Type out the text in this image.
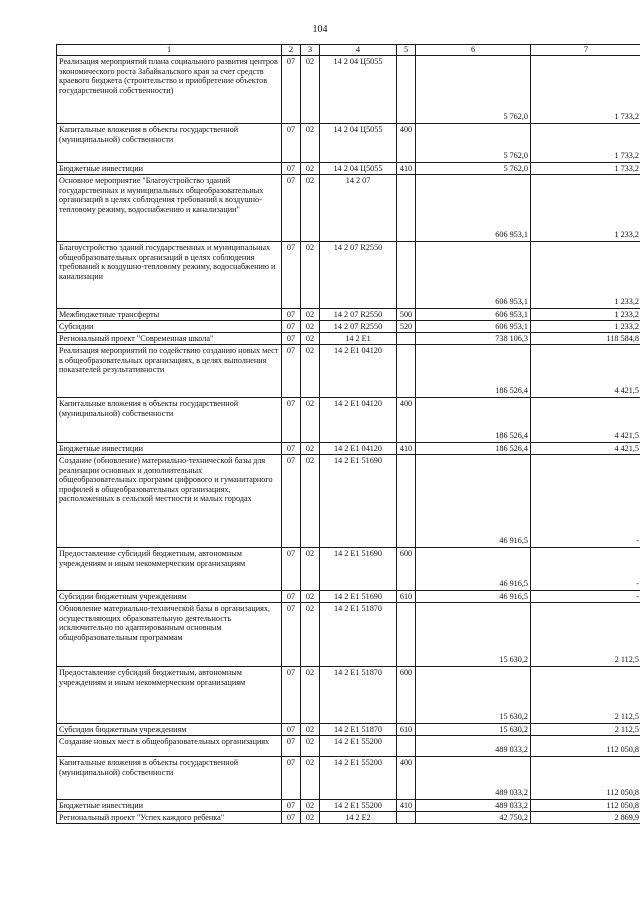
104
1	2	3	4	5	6	7

Реализация мероприятий плана социального развития центров экономического роста Забайкальского края за счет средств краевого бюджета (строительство и приобретение объектов государственной собственности)	07	02	14 2 04 Ц5055		5 762,0	1 733,2

Капитальные вложения в объекты государственной (муниципальной) собственности	07	02	14 2 04 Ц5055	400	5 762,0	1 733,2

Бюджетные инвестиции	07	02	14 2 04 Ц5055	410	5 762,0	1 733,2

Основное мероприятие "Благоустройство зданий государственных и муниципальных общеобразовательных организаций в целях соблюдения требований к воздушно-тепловому режиму, водоснабжению и канализации"	07	02	14 2 07		606 953,1	1 233,2

Благоустройство зданий государственных и муниципальных общеобразовательных организаций в целях соблюдения требований к воздушно-тепловому режиму, водоснабжению и канализации	07	02	14 2 07 R2550		606 953,1	1 233,2

Межбюджетные трансферты	07	02	14 2 07 R2550	500	606 953,1	1 233,2

Субсидии	07	02	14 2 07 R2550	520	606 953,1	1 233,2

Региональный проект "Современная школа"	07	02	14 2 E1		738 106,3	118 584,8

Реализация мероприятий по содействию созданию новых мест в общеобразовательных организациях, в целях выполнения показателей результативности	07	02	14 2 E1 04120		186 526,4	4 421,5

Капитальные вложения в объекты государственной (муниципальной) собственности	07	02	14 2 E1 04120	400	186 526,4	4 421,5

Бюджетные инвестиции	07	02	14 2 E1 04120	410	186 526,4	4 421,5

Создание (обновление) материально-технической базы для реализации основных и дополнительных общеобразовательных программ цифрового и гуманитарного профилей в общеобразовательных организациях, расположенных в сельской местности и малых городах	07	02	14 2 E1 51690		46 916,5	-

Предоставление субсидий бюджетным, автономным учреждениям и иным некоммерческим организациям	07	02	14 2 E1 51690	600	46 916,5	-

Субсидии бюджетным учреждениям	07	02	14 2 E1 51690	610	46 916,5	-

Обновление материально-технической базы в организациях, осуществляющих образовательную деятельность исключительно по адаптированным основным общеобразовательным программам	07	02	14 2 E1 51870		15 630,2	2 112,5

Предоставление субсидий бюджетным, автономным учреждениям и иным некоммерческим организациям	07	02	14 2 E1 51870	600	15 630,2	2 112,5

Субсидии бюджетным учреждениям	07	02	14 2 E1 51870	610	15 630,2	2 112,5

Создание новых мест в общеобразовательных организациях	07	02	14 2 E1 55200		489 033,2	112 050,8

Капитальные вложения в объекты государственной (муниципальной) собственности	07	02	14 2 E1 55200	400	489 033,2	112 050,8

Бюджетные инвестиции	07	02	14 2 E1 55200	410	489 033,2	112 050,8

Региональный проект "Успех каждого ребенка"	07	02	14 2 E2		42 750,2	2 869,9
